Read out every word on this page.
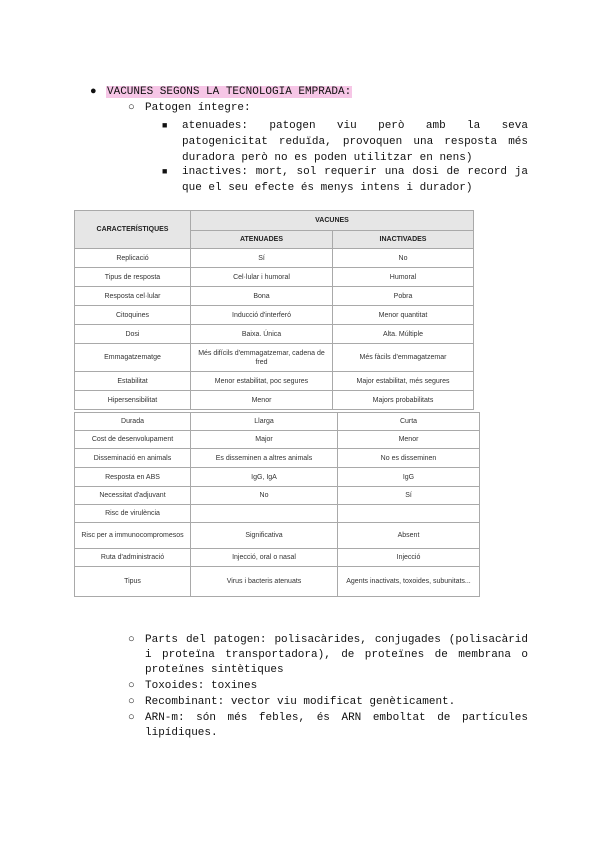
● VACUNES SEGONS LA TECNOLOGIA EMPRADA:
○ Patogen íntegre:
■ atenuades: patogen viu però amb la seva patogenicitat reduïda, provoquen una resposta més duradora però no es poden utilitzar en nens)
■ inactives: mort, sol requerir una dosi de record ja que el seu efecte és menys intens i durador)
CARACTERÍSTIQUES	VACUNES	
	ATENUADES	INACTIVADES
Replicació	Sí	No
Tipus de resposta	Cel·lular i humoral	Humoral
Resposta cel·lular	Bona	Pobra
Citoquines	Inducció d'interferó	Menor quantitat
Dosi	Baixa. Única	Alta. Múltiple
Emmagatzematge	Més difícils d'emmagatzemar, cadena de fred	Més fàcils d'emmagatzemar
Estabilitat	Menor estabilitat, poc segures	Major estabilitat, més segures
Hipersensibilitat	Menor	Majors probabilitats
Durada	Llarga	Curta
Cost de desenvolupament	Major	Menor
Disseminació en animals	Es disseminen a altres animals	No es disseminen
Resposta en ABS	IgG, IgA	IgG
Necessitat d'adjuvant	No	Sí
Risc de virulència		
Risc per a immunocompromesos	Significativa	Absent
Ruta d'administració	Injecció, oral o nasal	Injecció
Tipus	Virus i bacteris atenuats	Agents inactivats, toxoides, subunitats...
○ Parts del patogen: polisacàrides, conjugades (polisacàrid i proteïna transportadora), de proteïnes de membrana o proteïnes sintètiques
○ Toxoides: toxines
○ Recombinant: vector viu modificat genèticament.
○ ARN-m: són més febles, és ARN emboltat de partícules lipídiques.
